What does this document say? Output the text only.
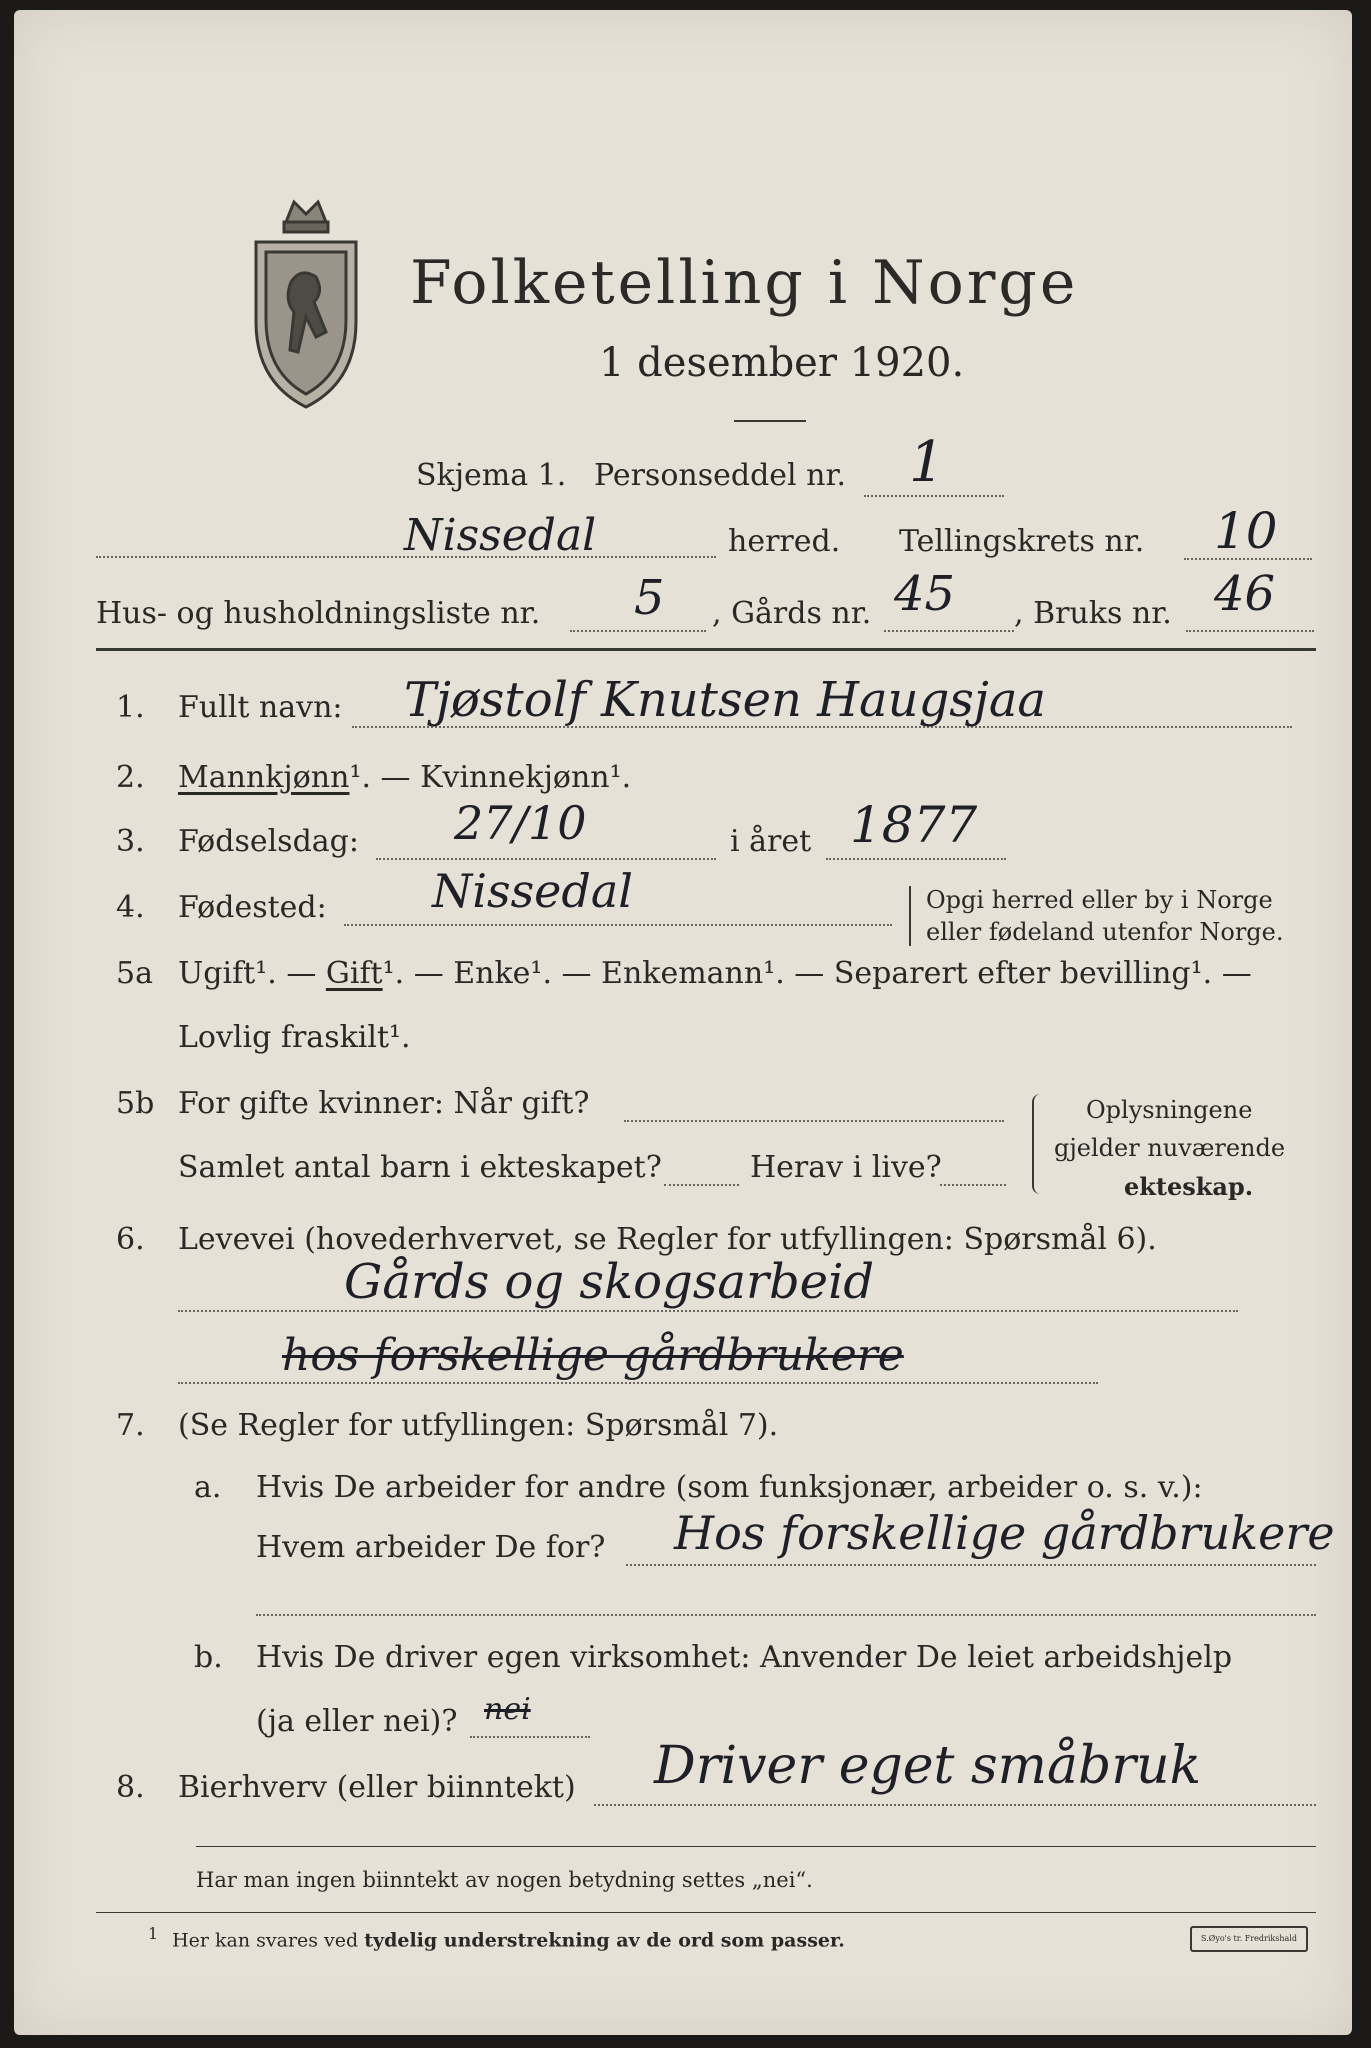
Folketelling i Norge
1 desember 1920.
Skjema 1. Personseddel nr. 1
Nissedal	herred. Tellingskrets nr. 10
Hus- og husholdningsliste nr. 5 , Gårds nr. 45 , Bruks nr. 46
1. Fullt navn: Tjøstolf Knutsen Haugsjaa
2. Mannkjønn¹. — Kvinnekjønn¹.
3. Fødselsdag: 27/10	i året 1877
4. Fødested: Nissedal	Opgi herred eller by i Norge
eller fødeland utenfor Norge.
5a Ugift¹. — Gift¹. — Enke¹. — Enkemann¹. — Separert efter bevilling¹. —
Lovlig fraskilt¹.
5b For gifte kvinner: Når gift?
Samlet antal barn i ekteskapet?	Herav i live?
Oplysningene
gjelder nuværende
ekteskap.
6. Levevei (hovederhvervet, se Regler for utfyllingen: Spørsmål 6).
Gårds og skogsarbeid
hos forskellige gårdbrukere
7. (Se Regler for utfyllingen: Spørsmål 7).
a. Hvis De arbeider for andre (som funksjonær, arbeider o. s. v.):
Hvem arbeider De for? Hos forskellige gårdbrukere
b. Hvis De driver egen virksomhet: Anvender De leiet arbeidshjelp
(ja eller nei)? nei
8. Bierhverv (eller biinntekt) Driver eget småbruk
Har man ingen biinntekt av nogen betydning settes „nei“.
$^1$ Her kan svares ved tydelig understrekning av de ord som passer.	S.Øyo's tr. Fredrikshald
